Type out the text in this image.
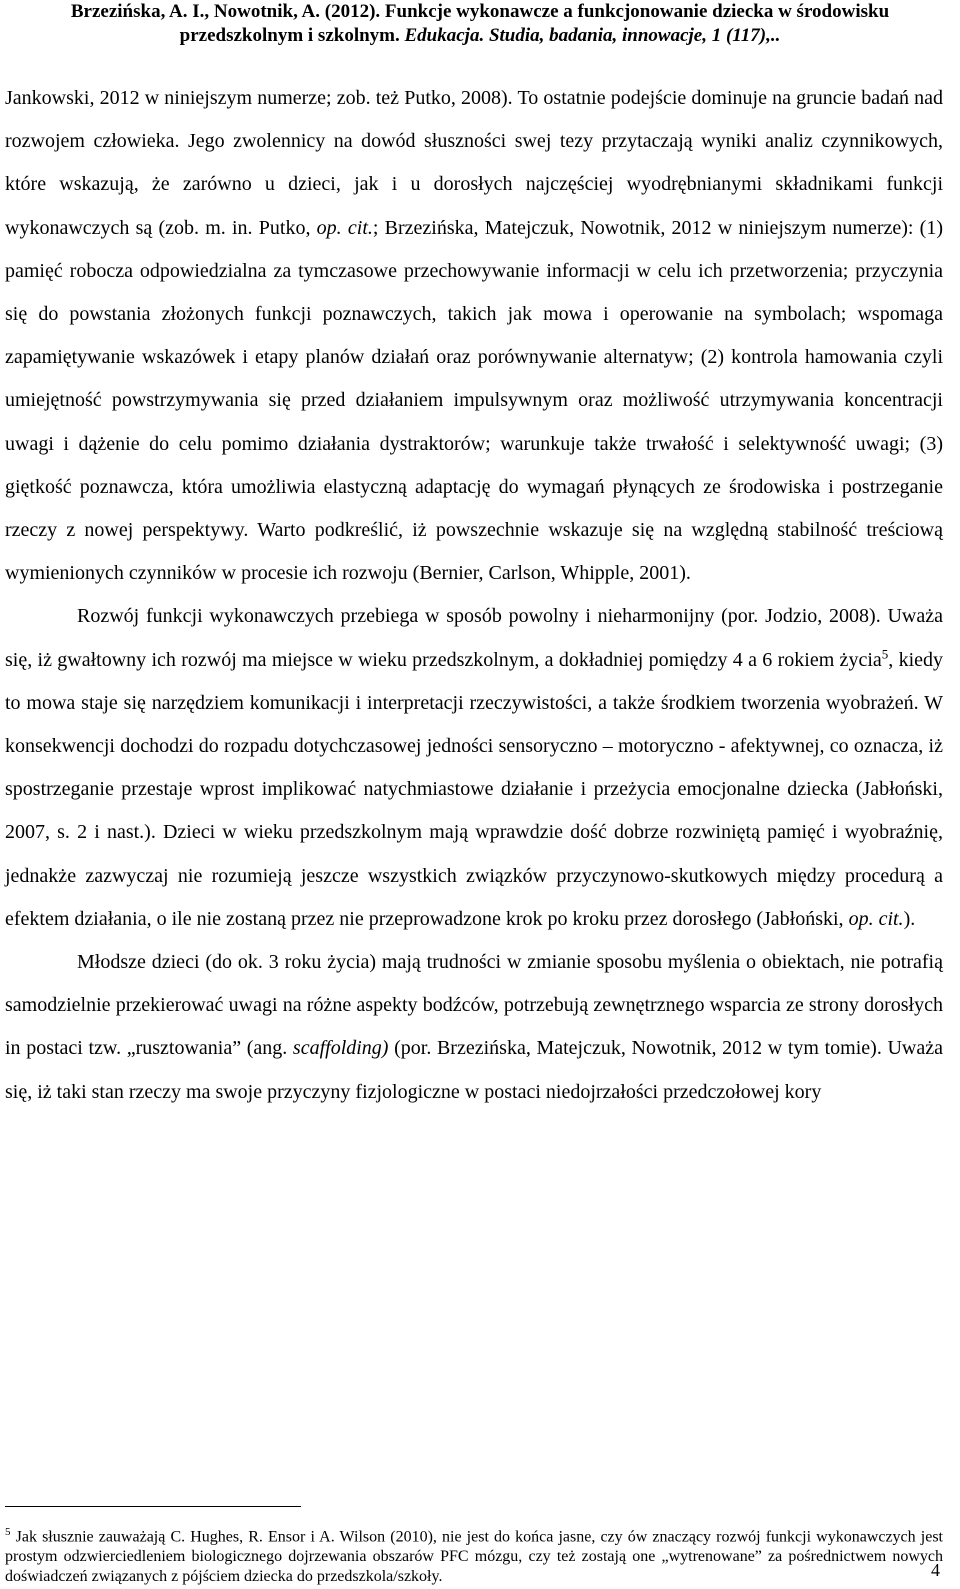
Brzezińska, A. I., Nowotnik, A. (2012). Funkcje wykonawcze a funkcjonowanie dziecka w środowisku
przedszkolnym i szkolnym. Edukacja. Studia, badania, innowacje, 1 (117),..

Jankowski, 2012 w niniejszym numerze; zob. też Putko, 2008). To ostatnie podejście dominuje na gruncie badań nad rozwojem człowieka. Jego zwolennicy na dowód słuszności swej tezy przytaczają wyniki analiz czynnikowych, które wskazują, że zarówno u dzieci, jak i u dorosłych najczęściej wyodrębnianymi składnikami funkcji wykonawczych są (zob. m. in. Putko, op. cit.; Brzezińska, Matejczuk, Nowotnik, 2012 w niniejszym numerze): (1) pamięć robocza odpowiedzialna za tymczasowe przechowywanie informacji w celu ich przetworzenia; przyczynia się do powstania złożonych funkcji poznawczych, takich jak mowa i operowanie na symbolach; wspomaga zapamiętywanie wskazówek i etapy planów działań oraz porównywanie alternatyw; (2) kontrola hamowania czyli umiejętność powstrzymywania się przed działaniem impulsywnym oraz możliwość utrzymywania koncentracji uwagi i dążenie do celu pomimo działania dystraktorów; warunkuje także trwałość i selektywność uwagi; (3) giętkość poznawcza, która umożliwia elastyczną adaptację do wymagań płynących ze środowiska i postrzeganie rzeczy z nowej perspektywy. Warto podkreślić, iż powszechnie wskazuje się na względną stabilność treściową wymienionych czynników w procesie ich rozwoju (Bernier, Carlson, Whipple, 2001).

Rozwój funkcji wykonawczych przebiega w sposób powolny i nieharmonijny (por. Jodzio, 2008). Uważa się, iż gwałtowny ich rozwój ma miejsce w wieku przedszkolnym, a dokładniej pomiędzy 4 a 6 rokiem życia$^5$, kiedy to mowa staje się narzędziem komunikacji i interpretacji rzeczywistości, a także środkiem tworzenia wyobrażeń. W konsekwencji dochodzi do rozpadu dotychczasowej jedności sensoryczno – motoryczno - afektywnej, co oznacza, iż spostrzeganie przestaje wprost implikować natychmiastowe działanie i przeżycia emocjonalne dziecka (Jabłoński, 2007, s. 2 i nast.). Dzieci w wieku przedszkolnym mają wprawdzie dość dobrze rozwiniętą pamięć i wyobraźnię, jednakże zazwyczaj nie rozumieją jeszcze wszystkich związków przyczynowo-skutkowych między procedurą a efektem działania, o ile nie zostaną przez nie przeprowadzone krok po kroku przez dorosłego (Jabłoński, op. cit.).

Młodsze dzieci (do ok. 3 roku życia) mają trudności w zmianie sposobu myślenia o obiektach, nie potrafią samodzielnie przekierować uwagi na różne aspekty bodźców, potrzebują zewnętrznego wsparcia ze strony dorosłych in postaci tzw. „rusztowania” (ang. scaffolding) (por. Brzezińska, Matejczuk, Nowotnik, 2012 w tym tomie). Uważa się, iż taki stan rzeczy ma swoje przyczyny fizjologiczne w postaci niedojrzałości przedczołowej kory

$^5$ Jak słusznie zauważają C. Hughes, R. Ensor i A. Wilson (2010), nie jest do końca jasne, czy ów znaczący rozwój funkcji wykonawczych jest prostym odzwierciedleniem biologicznego dojrzewania obszarów PFC mózgu, czy też zostają one „wytrenowane” za pośrednictwem nowych doświadczeń związanych z pójściem dziecka do przedszkola/szkoły.	4
